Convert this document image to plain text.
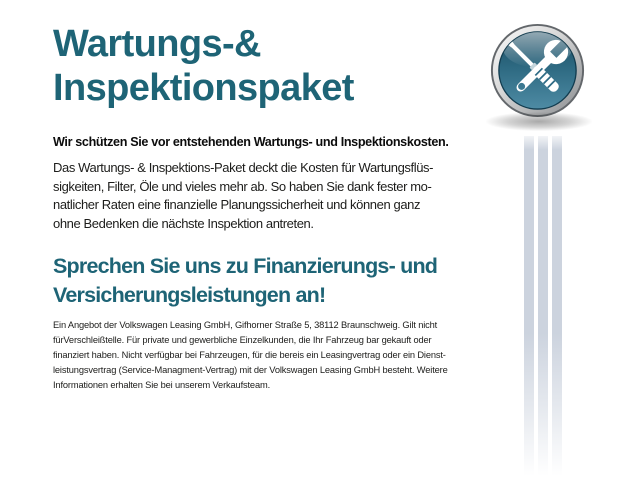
Wartungs-&
Inspektionspaket
Wir schützen Sie vor entstehenden Wartungs- und Inspektionskosten.
Das Wartungs- & Inspektions-Paket deckt die Kosten für Wartungsflüs-
sigkeiten, Filter, Öle und vieles mehr ab. So haben Sie dank fester mo-
natlicher Raten eine finanzielle Planungssicherheit und können ganz
ohne Bedenken die nächste Inspektion antreten.
Sprechen Sie uns zu Finanzierungs- und
Versicherungsleistungen an!
Ein Angebot der Volkswagen Leasing GmbH, Gifhorner Straße 5, 38112 Braunschweig. Gilt nicht
fürVerschleißtelle. Für private und gewerbliche Einzelkunden, die Ihr Fahrzeug bar gekauft oder
finanziert haben. Nicht verfügbar bei Fahrzeugen, für die bereis ein Leasingvertrag oder ein Dienst-
leistungsvertrag (Service-Managment-Vertrag) mit der Volkswagen Leasing GmbH besteht. Weitere
Informationen erhalten Sie bei unserem Verkaufsteam.
